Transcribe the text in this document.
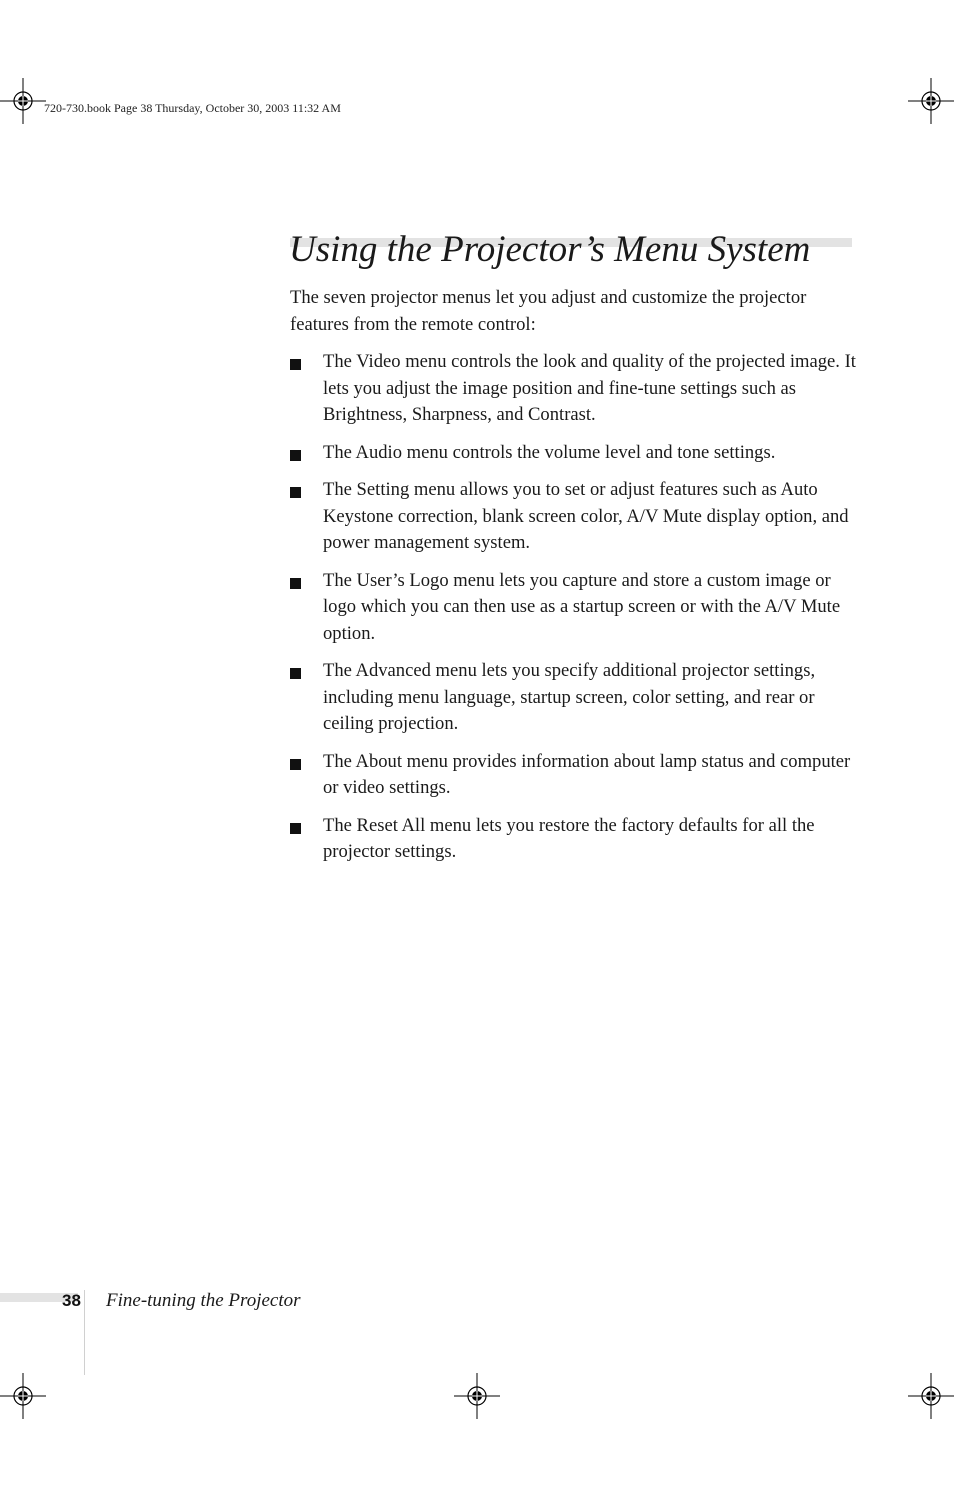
720-730.book Page 38 Thursday, October 30, 2003 11:32 AM
Using the Projector’s Menu System

The seven projector menus let you adjust and customize the projector features from the remote control:

The Video menu controls the look and quality of the projected image. It lets you adjust the image position and fine-tune settings such as Brightness, Sharpness, and Contrast.
The Audio menu controls the volume level and tone settings.
The Setting menu allows you to set or adjust features such as Auto  Keystone correction, blank screen color, A/V Mute display option, and power management system.
The User’s Logo menu lets you capture and store a custom image or logo which you can then use as a startup screen or with the A/V Mute option.
The Advanced menu lets you specify additional projector settings, including menu language, startup screen, color setting, and rear or ceiling projection.
The About menu provides information about lamp status and computer or video settings.
The Reset All menu lets you restore the factory defaults for all the projector settings.
38 Fine-tuning the Projector
